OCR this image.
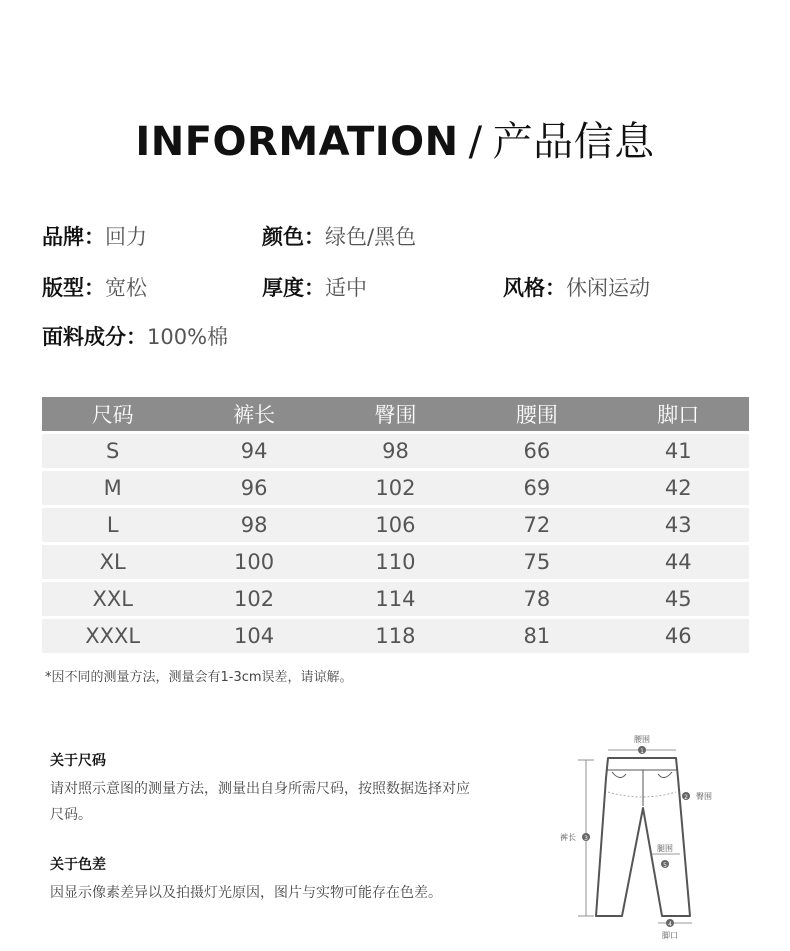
INFORMATION / 产品信息
品牌：回力	颜色：绿色/黑色
版型：宽松	厚度：适中	风格：休闲运动
面料成分：100%棉
尺码	裤长	臀围	腰围	脚口
S	94	98	66	41
M	96	102	69	42
L	98	106	72	43
XL	100	110	75	44
XXL	102	114	78	45
XXXL	104	118	81	46
*因不同的测量方法，测量会有1-3cm误差，请谅解。
关于尺码
请对照示意图的测量方法，测量出自身所需尺码，按照数据选择对应尺码。
关于色差
因显示像素差异以及拍摄灯光原因，图片与实物可能存在色差。
腰围
1
3
裤长
2 臀围
腿围
5
4
脚口
